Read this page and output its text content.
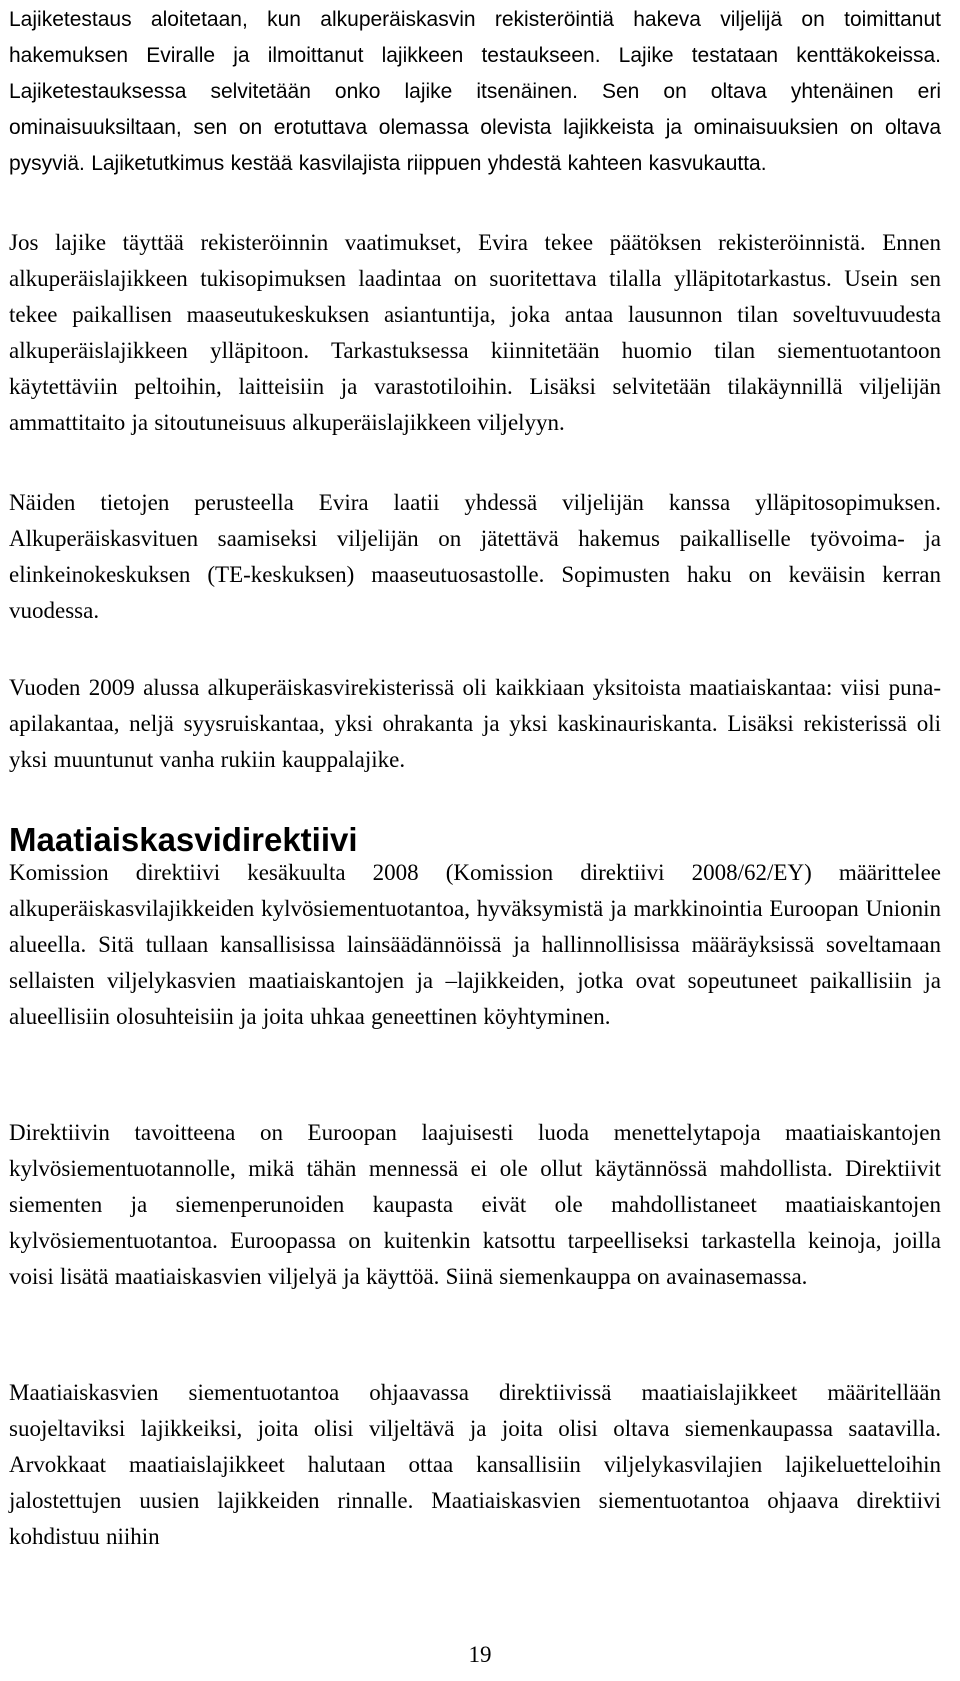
Lajiketestaus aloitetaan, kun alkuperäiskasvin rekisteröintiä hakeva viljelijä on toimittanut hakemuksen Eviralle ja ilmoittanut lajikkeen testaukseen. Lajike testataan kenttäkokeissa. Lajiketestauksessa selvitetään onko lajike itsenäinen. Sen on oltava yhtenäinen eri ominaisuuksiltaan, sen on erotuttava olemassa olevista lajikkeista ja ominaisuuksien on oltava pysyviä. Lajiketutkimus kestää kasvilajista riippuen yhdestä kahteen kasvukautta.

Jos lajike täyttää rekisteröinnin vaatimukset, Evira tekee päätöksen rekisteröinnistä. Ennen alkuperäislajikkeen tukisopimuksen laadintaa on suoritettava tilalla ylläpitotarkastus. Usein sen tekee paikallisen maaseutukeskuksen asiantuntija, joka antaa lausunnon tilan soveltuvuudesta alkuperäislajikkeen ylläpitoon. Tarkastuksessa kiinnitetään huomio tilan siementuotantoon käytettäviin peltoihin, laitteisiin ja varastotiloihin. Lisäksi selvitetään tilakäynnillä viljelijän ammattitaito ja sitoutuneisuus alkuperäislajikkeen viljelyyn.

Näiden tietojen perusteella Evira laatii yhdessä viljelijän kanssa ylläpitosopimuksen. Alkuperäiskasvituen saamiseksi viljelijän on jätettävä hakemus paikalliselle työvoima- ja elinkeinokeskuksen (TE-keskuksen) maaseutuosastolle. Sopimusten haku on keväisin kerran vuodessa.

Vuoden 2009 alussa alkuperäiskasvirekisterissä oli kaikkiaan yksitoista maatiaiskantaa: viisi puna-apilakantaa, neljä syysruiskantaa, yksi ohrakanta ja yksi kaskinauriskanta. Lisäksi rekisterissä oli yksi muuntunut vanha rukiin kauppalajike.

Maatiaiskasvidirektiivi

Komission direktiivi kesäkuulta 2008 (Komission direktiivi 2008/62/EY) määrittelee alkuperäiskasvilajikkeiden kylvösiementuotantoa, hyväksymistä ja markkinointia Euroopan Unionin alueella. Sitä tullaan kansallisissa lainsäädännöissä ja hallinnollisissa määräyksissä soveltamaan sellaisten viljelykasvien maatiaiskantojen ja –lajikkeiden, jotka ovat sopeutuneet paikallisiin ja alueellisiin olosuhteisiin ja joita uhkaa geneettinen köyhtyminen.

Direktiivin tavoitteena on Euroopan laajuisesti luoda menettelytapoja maatiaiskantojen kylvösiementuotannolle, mikä tähän mennessä ei ole ollut käytännössä mahdollista. Direktiivit siementen ja siemenperunoiden kaupasta eivät ole mahdollistaneet maatiaiskantojen kylvösiementuotantoa. Euroopassa on kuitenkin katsottu tarpeelliseksi tarkastella keinoja, joilla voisi lisätä maatiaiskasvien viljelyä ja käyttöä. Siinä siemenkauppa on avainasemassa.

Maatiaiskasvien siementuotantoa ohjaavassa direktiivissä maatiaislajikkeet määritellään suojeltaviksi lajikkeiksi, joita olisi viljeltävä ja joita olisi oltava siemenkaupassa saatavilla. Arvokkaat maatiaislajikkeet halutaan ottaa kansallisiin viljelykasvilajien lajikeluetteloihin jalostettujen uusien lajikkeiden rinnalle. Maatiaiskasvien siementuotantoa ohjaava direktiivi kohdistuu niihin

19
